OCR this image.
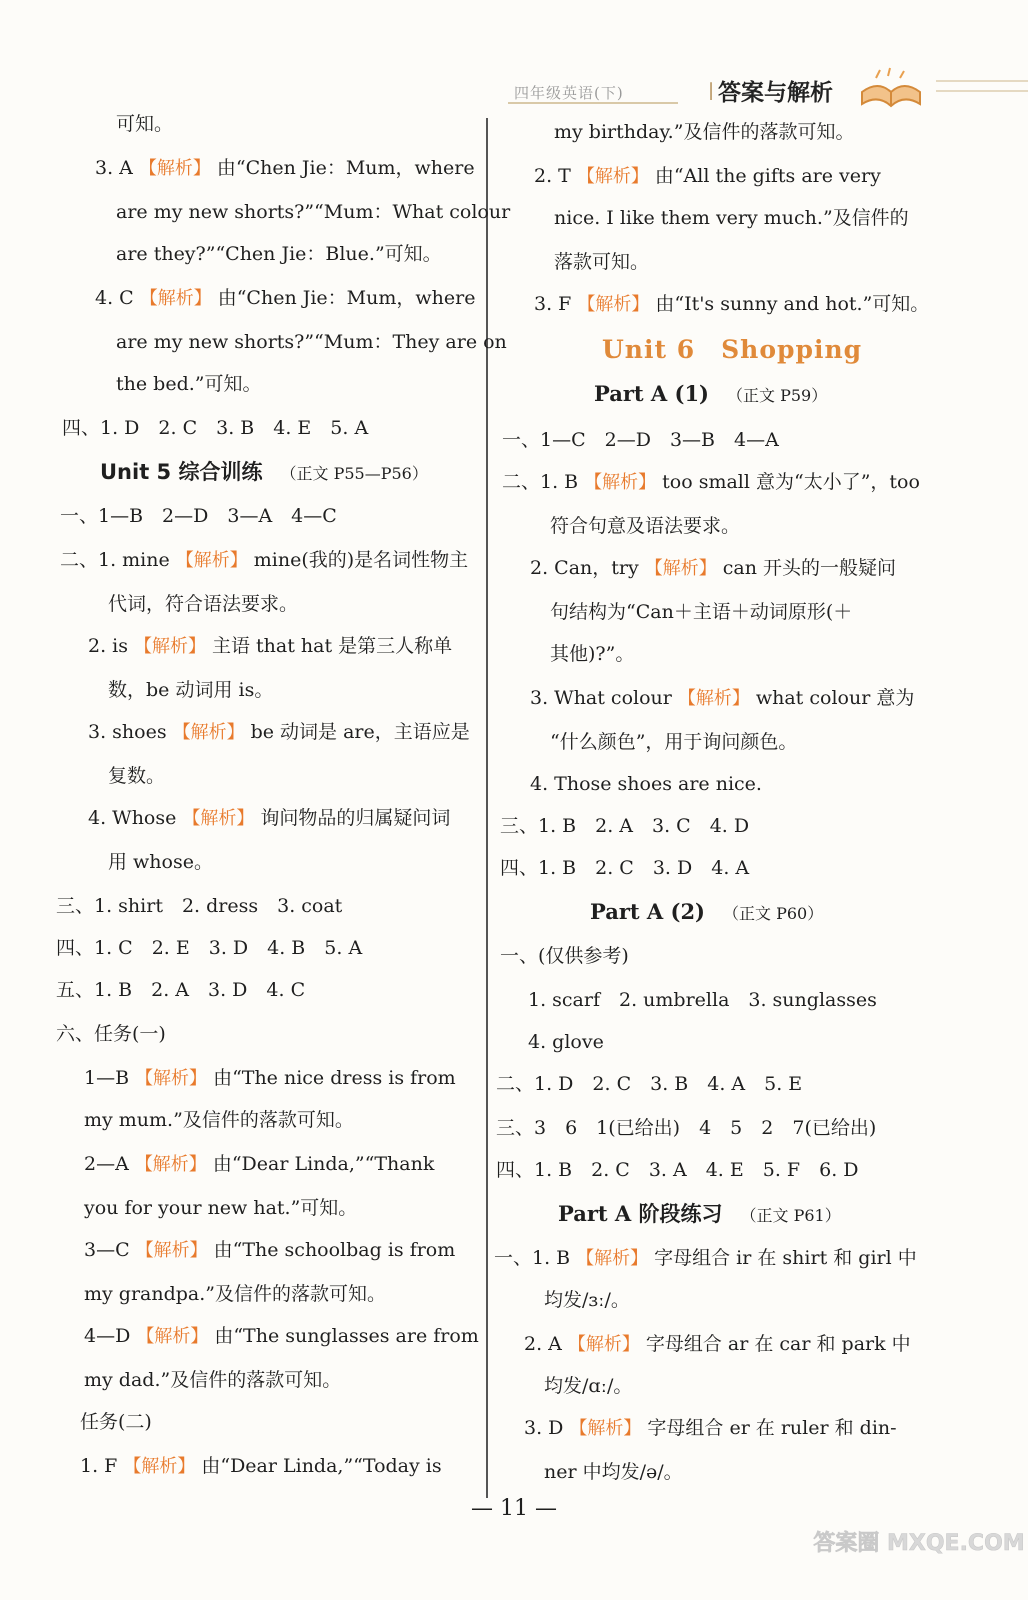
四年级英语(下)	| 答案与解析
可知。
3. A 【解析】 由“Chen Jie：Mum，where
are my new shorts?”“Mum：What colour
are they?”“Chen Jie：Blue.”可知。
4. C 【解析】 由“Chen Jie：Mum，where
are my new shorts?”“Mum：They are on
the bed.”可知。
四、1. D　2. C　3. B　4. E　5. A
Unit 5 综合训练 （正文 P55—P56）
一、1—B　2—D　3—A　4—C
二、1. mine 【解析】 mine(我的)是名词性物主
代词，符合语法要求。
2. is 【解析】 主语 that hat 是第三人称单
数，be 动词用 is。
3. shoes 【解析】 be 动词是 are，主语应是
复数。
4. Whose 【解析】 询问物品的归属疑问词
用 whose。
三、1. shirt　2. dress　3. coat
四、1. C　2. E　3. D　4. B　5. A
五、1. B　2. A　3. D　4. C
六、任务(一)
1—B 【解析】 由“The nice dress is from
my mum.”及信件的落款可知。
2—A 【解析】 由“Dear Linda,”“Thank
you for your new hat.”可知。
3—C 【解析】 由“The schoolbag is from
my grandpa.”及信件的落款可知。
4—D 【解析】 由“The sunglasses are from
my dad.”及信件的落款可知。
任务(二)
1. F 【解析】 由“Dear Linda,”“Today is
my birthday.”及信件的落款可知。
2. T 【解析】 由“All the gifts are very
nice. I like them very much.”及信件的
落款可知。
3. F 【解析】 由“It's sunny and hot.”可知。
Unit 6　Shopping
Part A (1) （正文 P59）
一、1—C　2—D　3—B　4—A
二、1. B 【解析】 too small 意为“太小了”，too
符合句意及语法要求。
2. Can，try 【解析】 can 开头的一般疑问
句结构为“Can＋主语＋动词原形(＋
其他)?”。
3. What colour 【解析】 what colour 意为
“什么颜色”，用于询问颜色。
4. Those shoes are nice.
三、1. B　2. A　3. C　4. D
四、1. B　2. C　3. D　4. A
Part A (2) （正文 P60）
一、(仅供参考)
1. scarf　2. umbrella　3. sunglasses
4. glove
二、1. D　2. C　3. B　4. A　5. E
三、3　6　1(已给出)　4　5　2　7(已给出)
四、1. B　2. C　3. A　4. E　5. F　6. D
Part A 阶段练习 （正文 P61）
一、1. B 【解析】 字母组合 ir 在 shirt 和 girl 中
均发/ɜː/。
2. A 【解析】 字母组合 ar 在 car 和 park 中
均发/ɑː/。
3. D 【解析】 字母组合 er 在 ruler 和 din-
ner 中均发/ə/。
— 11 —
答案圈 MXQE.COM
